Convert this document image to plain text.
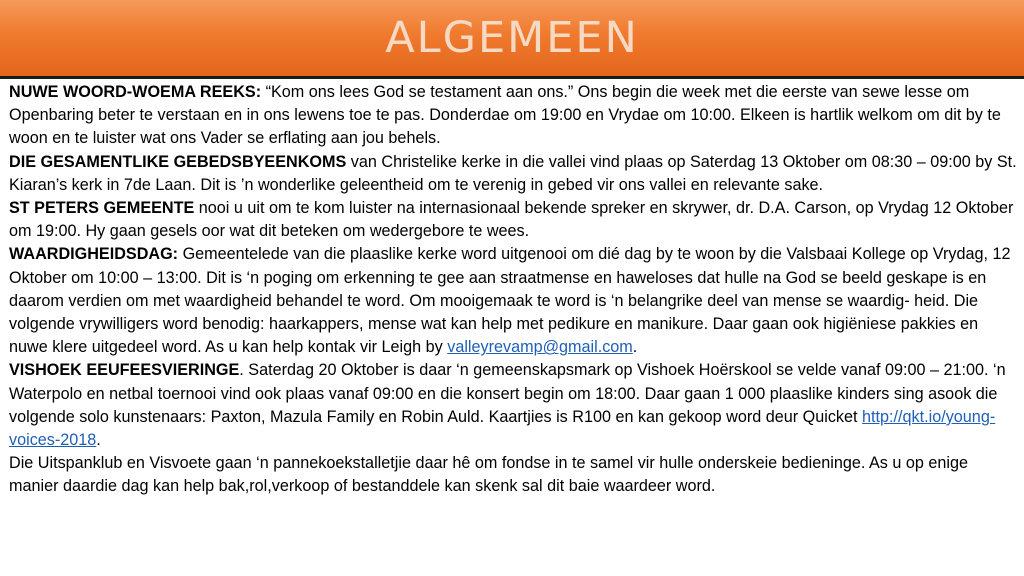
ALGEMEEN

NUWE WOORD-WOEMA REEKS: “Kom ons lees God se testament aan ons.” Ons begin die week met die eerste van sewe lesse om Openbaring beter te verstaan en in ons lewens toe te pas. Donderdae om 19:00 en Vrydae om 10:00. Elkeen is hartlik welkom om dit by te woon en te luister wat ons Vader se erflating aan jou behels.

DIE GESAMENTLIKE GEBEDSBYEENKOMS van Christelike kerke in die vallei vind plaas op Saterdag 13 Oktober om 08:30 – 09:00 by St. Kiaran’s kerk in 7de Laan. Dit is ’n wonderlike geleentheid om te verenig in gebed vir ons vallei en relevante sake.

ST PETERS GEMEENTE nooi u uit om te kom luister na internasionaal bekende spreker en skrywer, dr. D.A. Carson, op Vrydag 12 Oktober om 19:00. Hy gaan gesels oor wat dit beteken om wedergebore te wees.

WAARDIGHEIDSDAG: Gemeentelede van die plaaslike kerke word uitgenooi om dié dag by te woon by die Valsbaai Kollege op Vrydag, 12 Oktober om 10:00 – 13:00. Dit is ‘n poging om erkenning te gee aan straatmense en haweloses dat hulle na God se beeld geskape is en daarom verdien om met waardigheid behandel te word. Om mooigemaak te word is ‘n belangrike deel van mense se waardig- heid. Die volgende vrywilligers word benodig: haarkappers, mense wat kan help met pedikure en manikure. Daar gaan ook higiëniese pakkies en nuwe klere uitgedeel word. As u kan help kontak vir Leigh by valleyrevamp@gmail.com.

VISHOEK EEUFEESVIERINGE. Saterdag 20 Oktober is daar ‘n gemeenskapsmark op Vishoek Hoërskool se velde vanaf 09:00 – 21:00. ‘n Waterpolo en netbal toernooi vind ook plaas vanaf 09:00 en die konsert begin om 18:00. Daar gaan 1 000 plaaslike kinders sing asook die volgende solo kunstenaars: Paxton, Mazula Family en Robin Auld. Kaartjies is R100 en kan gekoop word deur Quicket http://qkt.io/young-voices-2018.

Die Uitspanklub en Visvoete gaan ‘n pannekoekstalletjie daar hê om fondse in te samel vir hulle onderskeie bedieninge. As u op enige manier daardie dag kan help bak,rol,verkoop of bestanddele kan skenk sal dit baie waardeer word.
